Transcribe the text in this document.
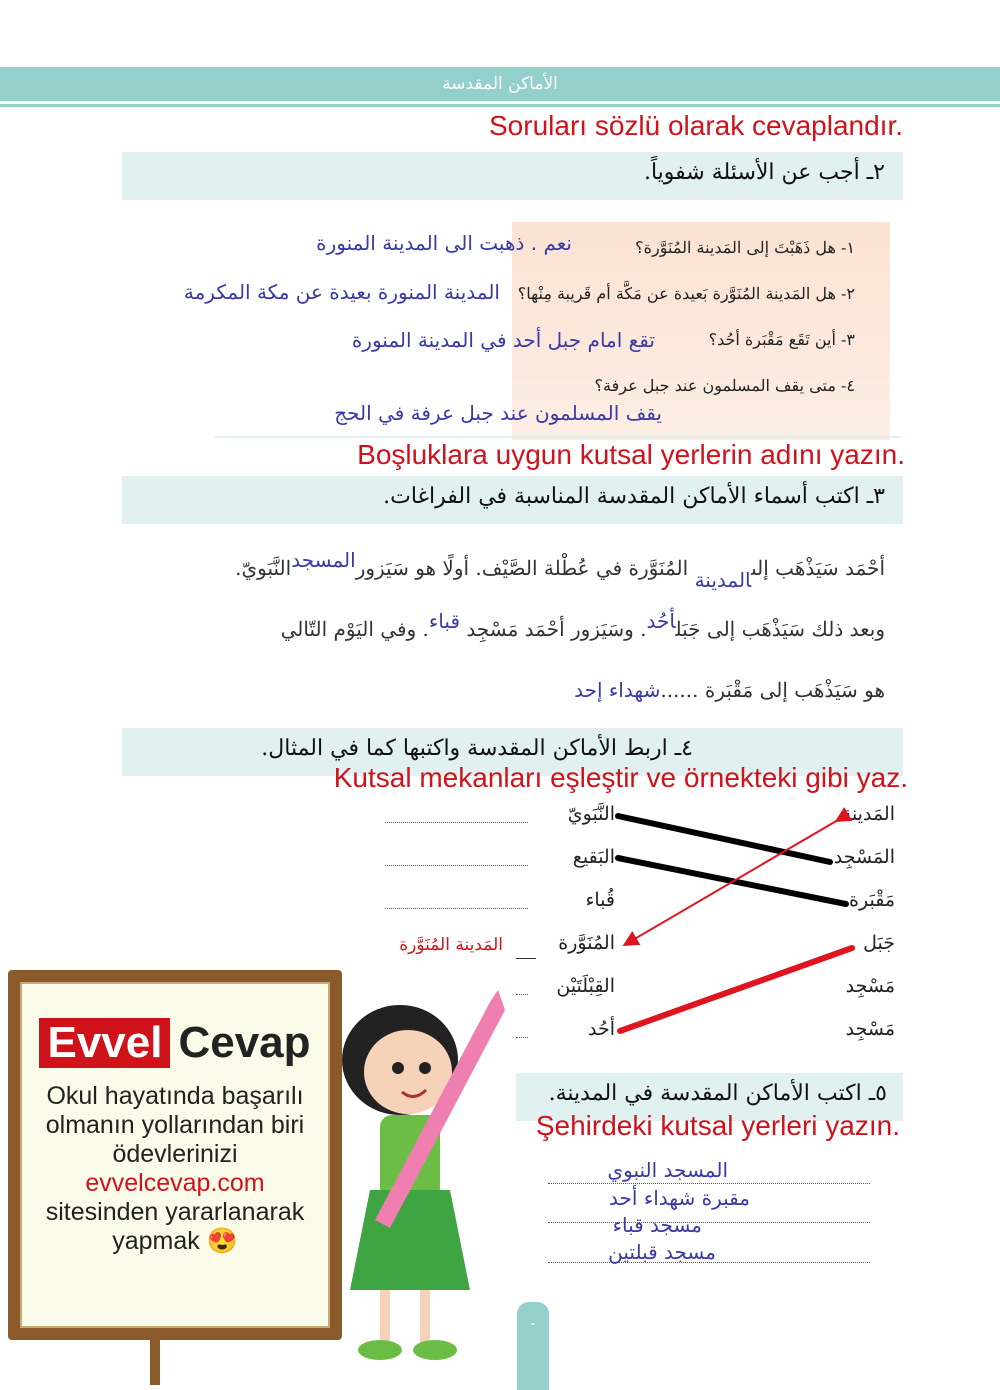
الأماكن المقدسة
Soruları sözlü olarak cevaplandır.
٢ـ أجب عن الأسئلة شفوياً.
١- هل ذَهَبْتَ إلى المَدينة المُنَوَّرة؟
نعم . ذهبت الى المدينة المنورة
٢- هل المَدينة المُنَوَّرة بَعيدة عن مَكَّة أم قَريبة مِنْها؟
المدينة المنورة بعيدة عن مكة المكرمة
٣- أين تَقَع مَقْبَرة أحُد؟
تقع امام جبل أحد في المدينة المنورة
٤- متى يقف المسلمون عند جبل عرفة؟
يقف المسلمون عند جبل عرفة في الحج
Boşluklara uygun kutsal yerlerin adını yazın.
٣ـ اكتب أسماء الأماكن المقدسة المناسبة في الفراغات.
أحْمَد سَيَذْهَب إلىالمدينة المُنَوَّرة في عُطْلة الصَّيْف. أولًا هو سَيَزورالمسجدالنَّبَويّ.
وبعد ذلك سَيَذْهَب إلى جَبَلأحُد. وسَيَزور أحْمَد مَسْجِد قباء. وفي اليَوْم التّالي
هو سَيَذْهَب إلى مَقْبَرة ......شهداء إحد
٤ـ اربط الأماكن المقدسة واكتبها كما في المثال.
Kutsal mekanları eşleştir ve örnekteki gibi yaz.
المَدينة
المَسْجِد
مَقْبَرة
جَبَل
مَسْجِد
مَسْجِد
النَّبَويّ
البَقيع
قُباء
المُنَوَّرة
القِبْلَتَيْن
أحُد
المَدينة المُنَوَّرة
٥ـ اكتب الأماكن المقدسة في المدينة.
Şehirdeki kutsal yerleri yazın.
المسجد النبوي
مقبرة شهداء أحد
مسجد قباء
مسجد قبلتين
-
Evvel Cevap
Okul hayatında başarılı
olmanın yollarından biri
ödevlerinizi
evvelcevap.com
sitesinden yararlanarak
yapmak 😍
